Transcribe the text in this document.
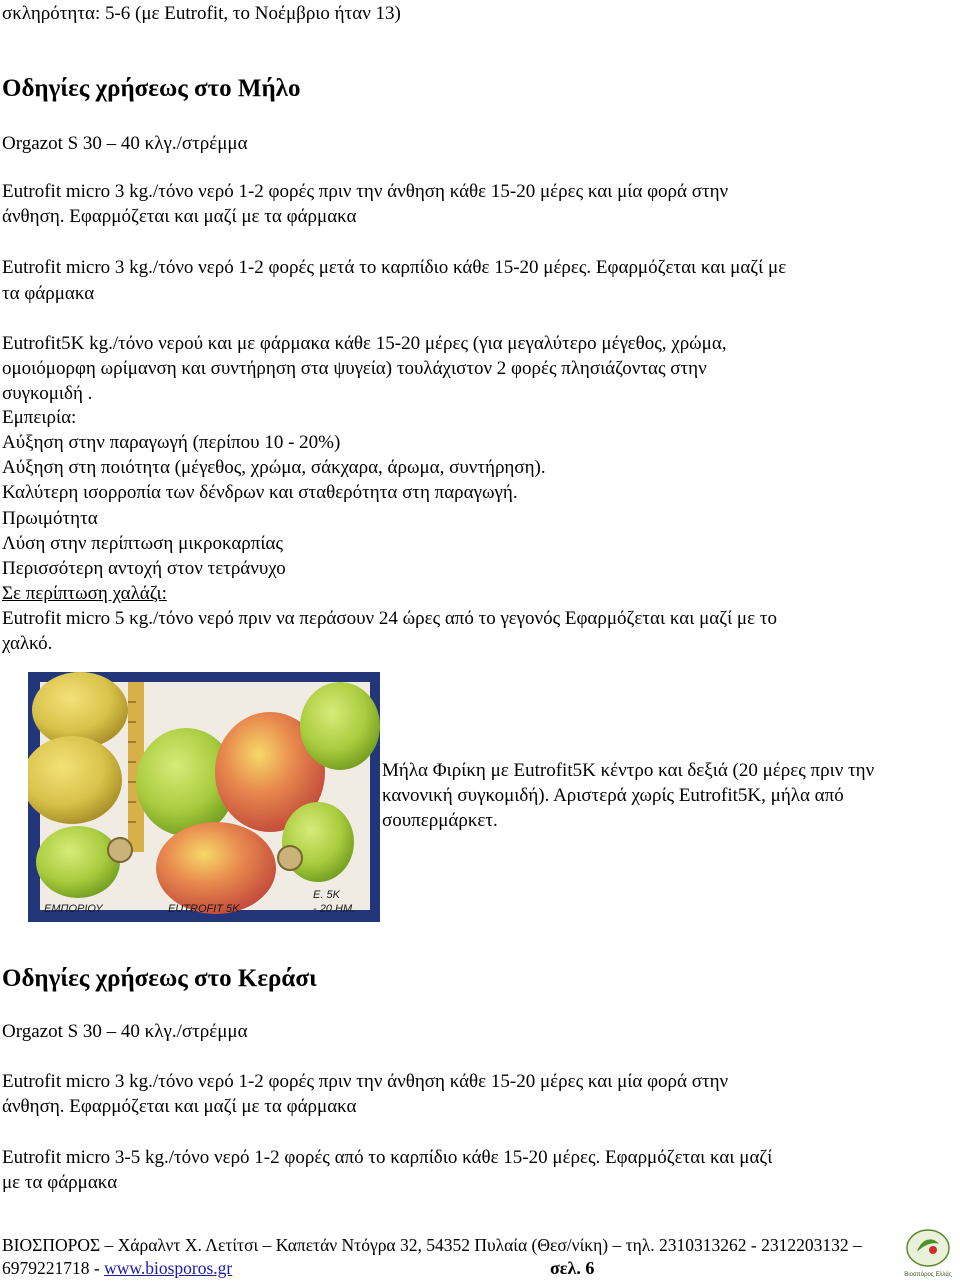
σκληρότητα: 5-6 (με Eutrofit, το Νοέμβριο ήταν 13)
Οδηγίες χρήσεως στο Μήλο
Orgazot S 30 – 40 κλγ./στρέμμα
Eutrofit micro 3 kg./τόνο νερό 1-2 φορές πριν την άνθηση κάθε 15-20 μέρες και μία φορά στην
άνθηση. Εφαρμόζεται και μαζί με τα φάρμακα
Eutrofit micro 3 kg./τόνο νερό 1-2 φορές μετά το καρπίδιο κάθε 15-20 μέρες. Εφαρμόζεται και μαζί με
τα φάρμακα
Eutrofit5K kg./τόνο νερού και με φάρμακα κάθε 15-20 μέρες (για μεγαλύτερο μέγεθος, χρώμα,
ομοιόμορφη ωρίμανση και συντήρηση στα ψυγεία) τουλάχιστον 2 φορές πλησιάζοντας στην
συγκομιδή .
Εμπειρία:
Αύξηση στην παραγωγή (περίπου 10 - 20%)
Αύξηση στη ποιότητα (μέγεθος, χρώμα, σάκχαρα, άρωμα, συντήρηση).
Καλύτερη ισορροπία των δένδρων και σταθερότητα στη παραγωγή.
Πρωιμότητα
Λύση στην περίπτωση μικροκαρπίας
Περισσότερη αντοχή στον τετράνυχο
Σε περίπτωση χαλάζι:
Eutrofit micro 5 κg./τόνο νερό πριν να περάσουν 24 ώρες από το γεγονός Εφαρμόζεται και μαζί με το
χαλκό.
ΕΜΠΟΡΙΟΥ	EUTROFIT 5K
E. 5K
- 20 HM.
Μήλα Φιρίκη με Eutrofit5K κέντρο και δεξιά (20 μέρες πριν την κανονική συγκομιδή). Αριστερά χωρίς Eutrofit5K, μήλα από σουπερμάρκετ.
Οδηγίες χρήσεως στο Κεράσι
Orgazot S 30 – 40 κλγ./στρέμμα
Eutrofit micro 3 kg./τόνο νερό 1-2 φορές πριν την άνθηση κάθε 15-20 μέρες και μία φορά στην
άνθηση. Εφαρμόζεται και μαζί με τα φάρμακα
Eutrofit micro 3-5 kg./τόνο νερό 1-2 φορές από το καρπίδιο κάθε 15-20 μέρες. Εφαρμόζεται και μαζί
με τα φάρμακα
ΒΙΟΣΠΟΡΟΣ – Χάραλντ Χ. Λετίτσι – Καπετάν Ντόγρα 32, 54352 Πυλαία (Θεσ/νίκη) – τηλ. 2310313262 - 2312203132 –
6979221718 - www.biosporos.gr	σελ. 6	Βιοσπόρος Ελλάς
